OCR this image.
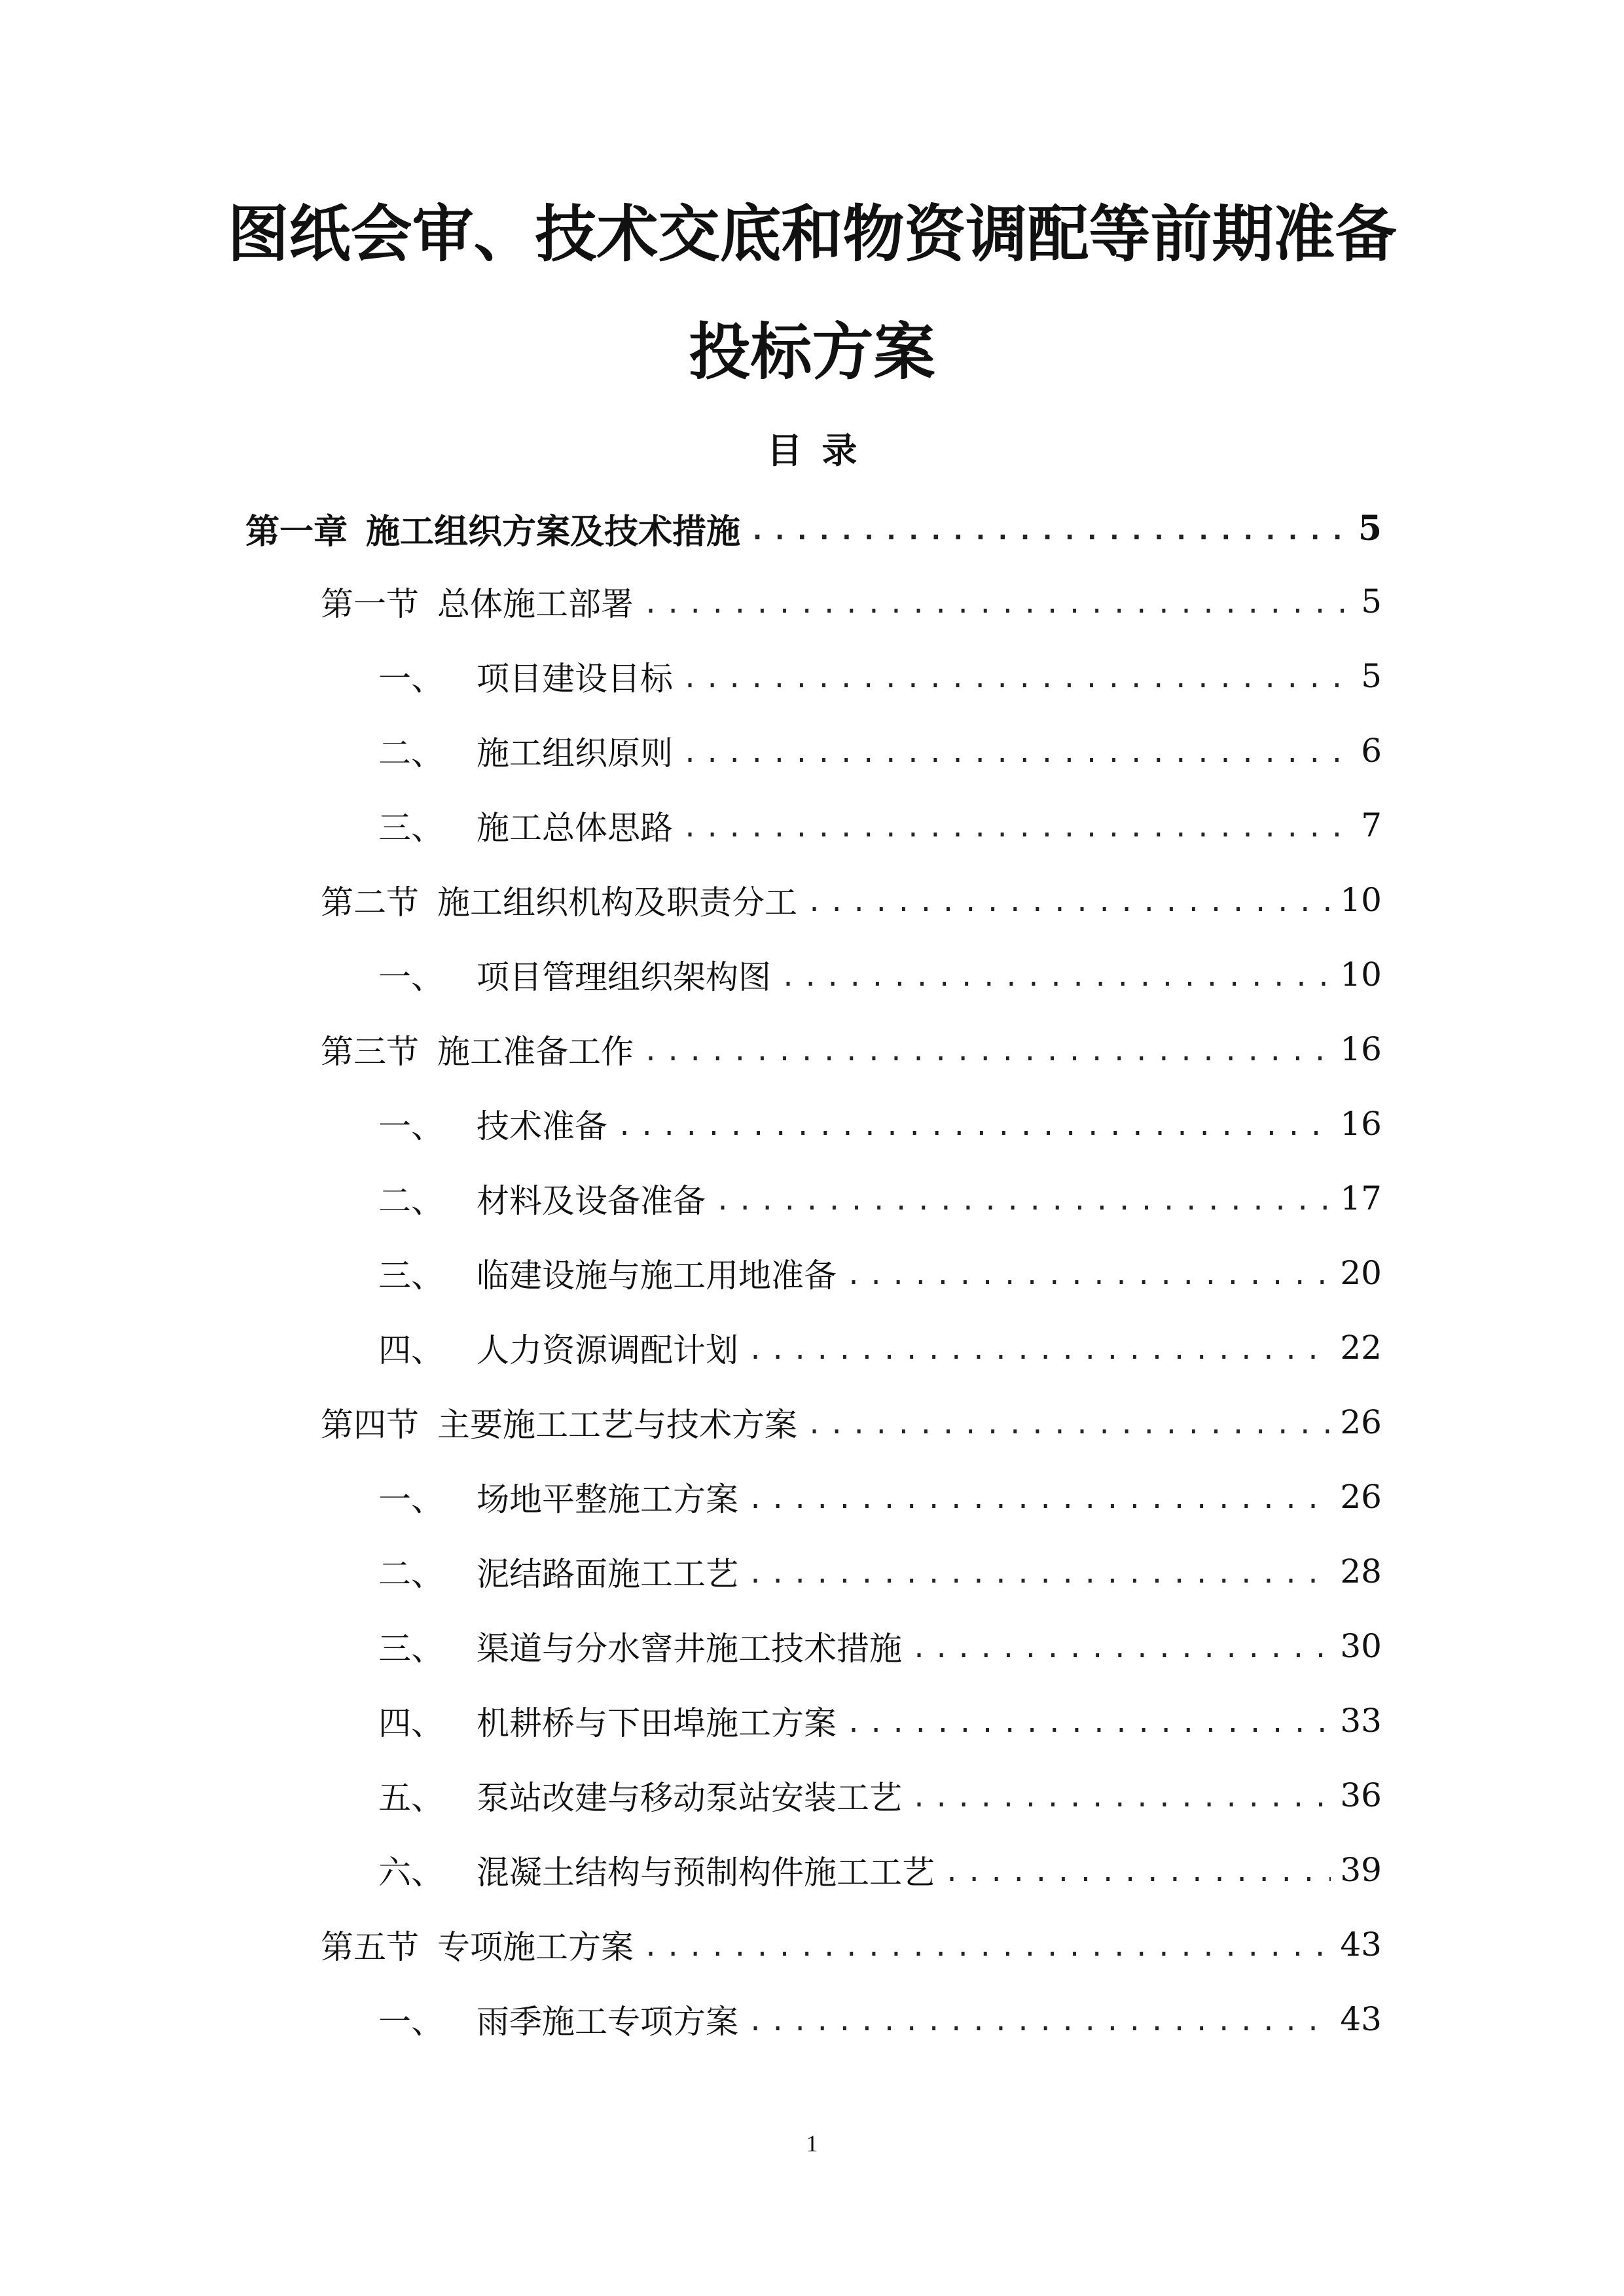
图纸会审、技术交底和物资调配等前期准备
投标方案
目录
第一章 施工组织方案及技术措施 .....	5
第一节 总体施工部署 .....	5
一、	项目建设目标 .....	5
二、	施工组织原则 .....	6
三、	施工总体思路 .....	7
第二节 施工组织机构及职责分工 .....	10
一、	项目管理组织架构图 .....	10
第三节 施工准备工作 .....	16
一、	技术准备 .....	16
二、	材料及设备准备 .....	17
三、	临建设施与施工用地准备 .....	20
四、	人力资源调配计划 .....	22
第四节 主要施工工艺与技术方案 .....	26
一、	场地平整施工方案 .....	26
二、	泥结路面施工工艺 .....	28
三、	渠道与分水窨井施工技术措施 .....	30
四、	机耕桥与下田埠施工方案 .....	33
五、	泵站改建与移动泵站安装工艺 .....	36
六、	混凝土结构与预制构件施工工艺 .....	39
第五节 专项施工方案 .....	43
一、	雨季施工专项方案 .....	43
1
